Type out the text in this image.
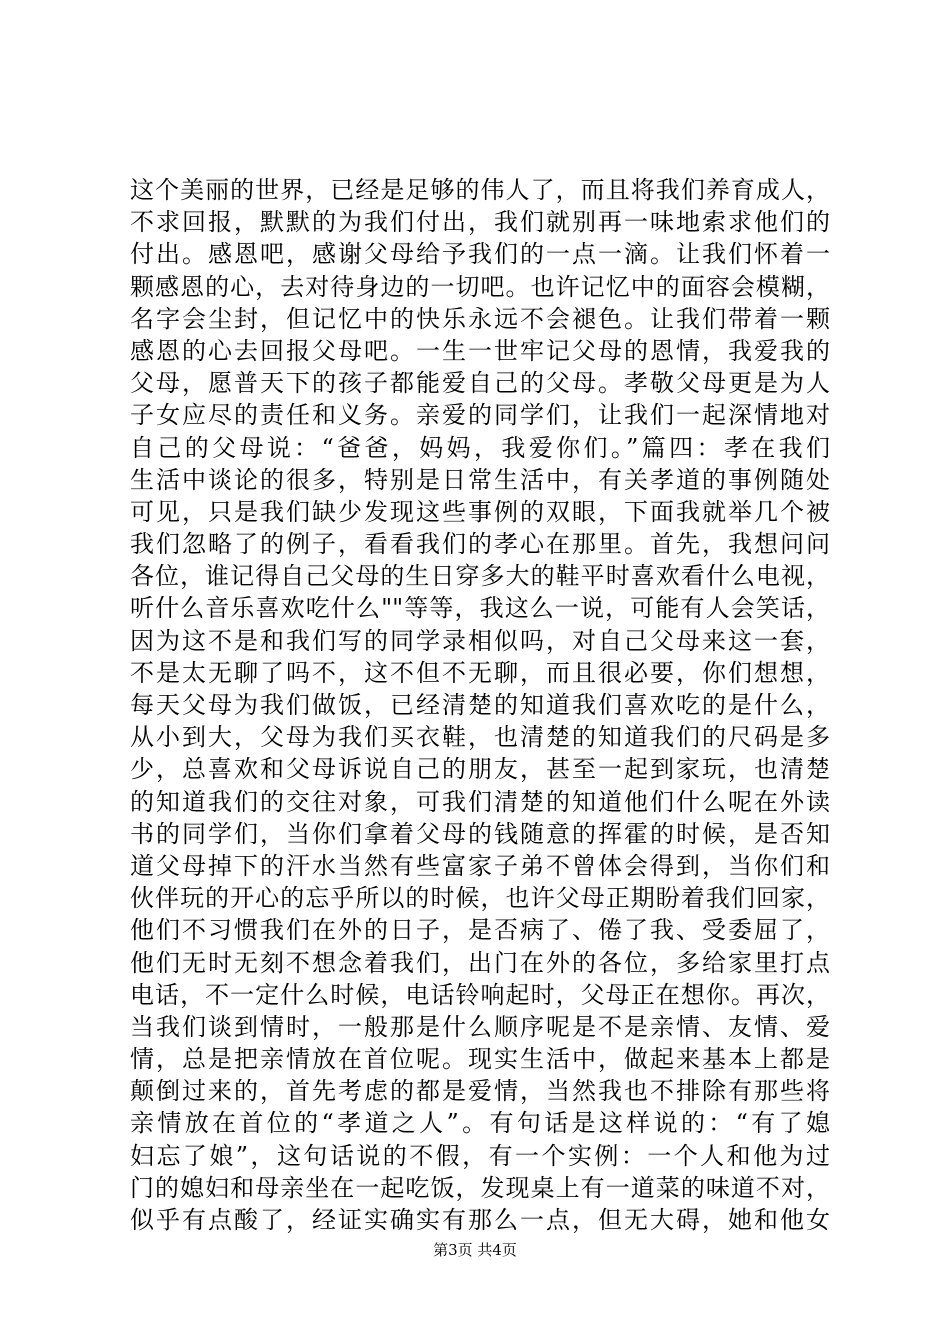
这个美丽的世界，已经是足够的伟人了，而且将我们养育成人，
不求回报，默默的为我们付出，我们就别再一味地索求他们的
付出。感恩吧，感谢父母给予我们的一点一滴。让我们怀着一
颗感恩的心，去对待身边的一切吧。也许记忆中的面容会模糊，
名字会尘封，但记忆中的快乐永远不会褪色。让我们带着一颗
感恩的心去回报父母吧。一生一世牢记父母的恩情，我爱我的
父母，愿普天下的孩子都能爱自己的父母。孝敬父母更是为人
子女应尽的责任和义务。亲爱的同学们，让我们一起深情地对
自己的父母说：“爸爸，妈妈，我爱你们。”篇四：孝在我们
生活中谈论的很多，特别是日常生活中，有关孝道的事例随处
可见，只是我们缺少发现这些事例的双眼，下面我就举几个被
我们忽略了的例子，看看我们的孝心在那里。首先，我想问问
各位，谁记得自己父母的生日穿多大的鞋平时喜欢看什么电视，
听什么音乐喜欢吃什么""等等，我这么一说，可能有人会笑话，
因为这不是和我们写的同学录相似吗，对自己父母来这一套，
不是太无聊了吗不，这不但不无聊，而且很必要，你们想想，
每天父母为我们做饭，已经清楚的知道我们喜欢吃的是什么，
从小到大，父母为我们买衣鞋，也清楚的知道我们的尺码是多
少，总喜欢和父母诉说自己的朋友，甚至一起到家玩，也清楚
的知道我们的交往对象，可我们清楚的知道他们什么呢在外读
书的同学们，当你们拿着父母的钱随意的挥霍的时候，是否知
道父母掉下的汗水当然有些富家子弟不曾体会得到，当你们和
伙伴玩的开心的忘乎所以的时候，也许父母正期盼着我们回家，
他们不习惯我们在外的日子，是否病了、倦了我、受委屈了，
他们无时无刻不想念着我们，出门在外的各位，多给家里打点
电话，不一定什么时候，电话铃响起时，父母正在想你。再次，
当我们谈到情时，一般那是什么顺序呢是不是亲情、友情、爱
情，总是把亲情放在首位呢。现实生活中，做起来基本上都是
颠倒过来的，首先考虑的都是爱情，当然我也不排除有那些将
亲情放在首位的“孝道之人”。有句话是这样说的：“有了媳
妇忘了娘”，这句话说的不假，有一个实例：一个人和他为过
门的媳妇和母亲坐在一起吃饭，发现桌上有一道菜的味道不对，
似乎有点酸了，经证实确实有那么一点，但无大碍，她和他女
第3页 共4页
